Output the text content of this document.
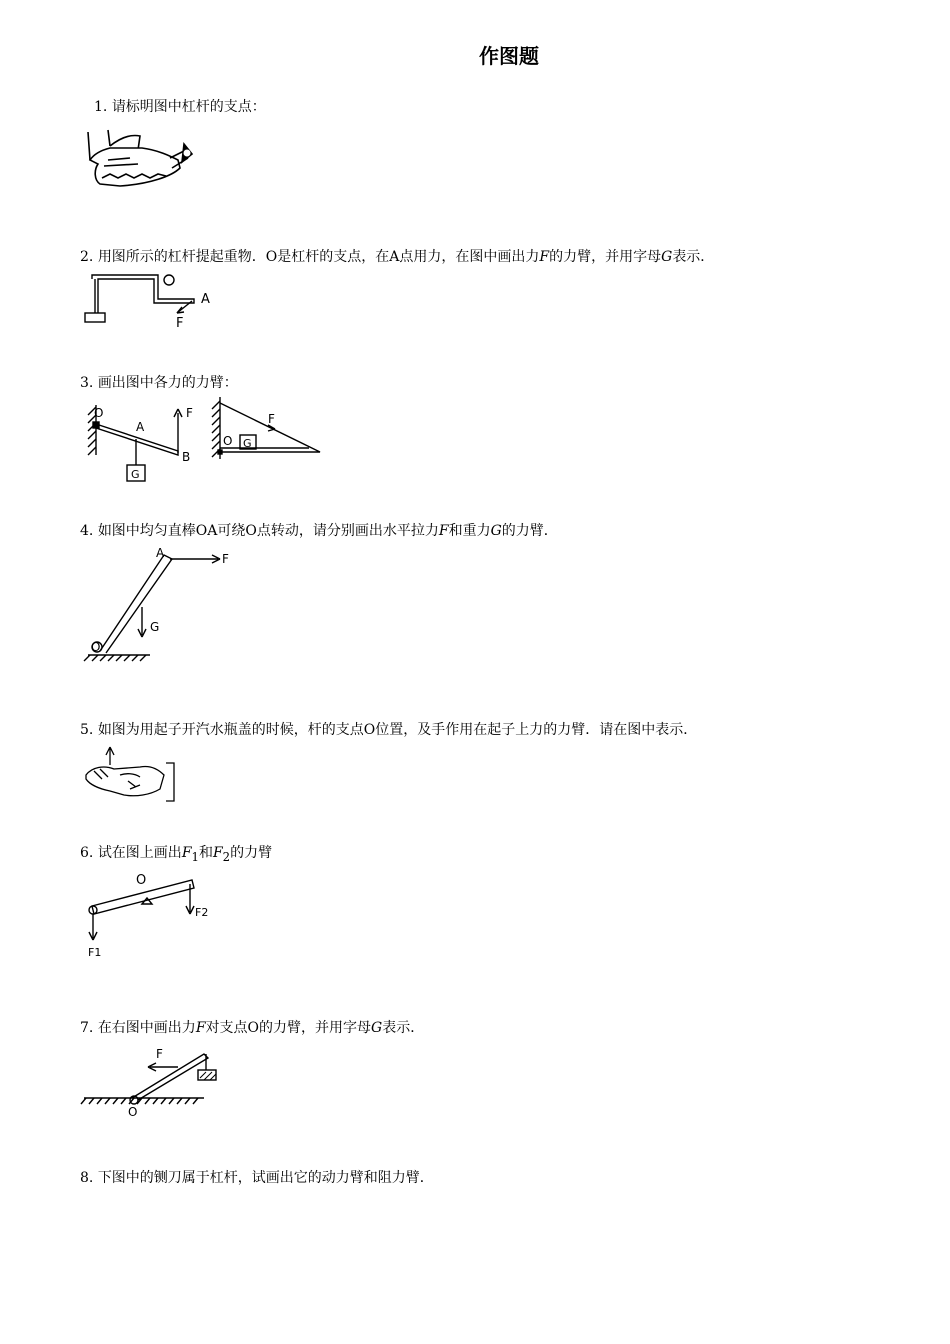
作图题
1. 请标明图中杠杆的支点：
2. 用图所示的杠杆提起重物．O是杠杆的支点，在A点用力，在图中画出力F的力臂，并用字母G表示．
A
F
3. 画出图中各力的力臂：
O
A
F
B
G
F
O G
4. 如图中均匀直棒OA可绕O点转动，请分别画出水平拉力F和重力G的力臂．
A	F
G
O
5. 如图为用起子开汽水瓶盖的时候，杆的支点O位置，及手作用在起子上力的力臂．请在图中表示．
6. 试在图上画出$F_1$和$F_2$的力臂
O
F2
F1
7. 在右图中画出力F对支点O的力臂，并用字母G表示．
F
O
8. 下图中的铡刀属于杠杆，试画出它的动力臂和阻力臂．
